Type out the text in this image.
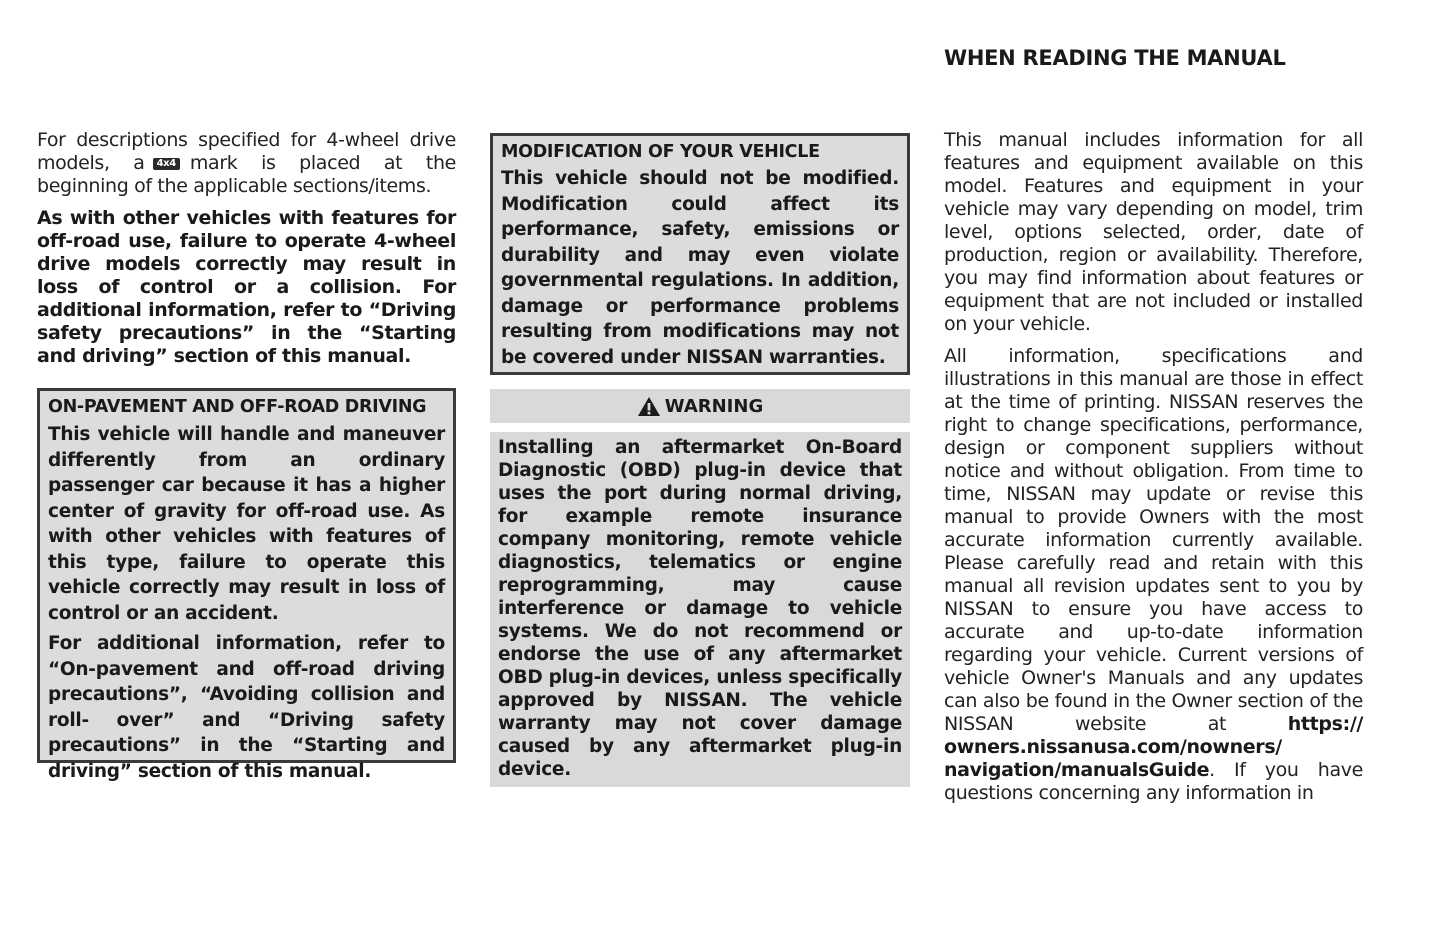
WHEN READING THE MANUAL

For descriptions specified for 4-wheel drive models, a 4x4 mark is placed at the beginning of the applicable sections/items.

As with other vehicles with features for off-road use, failure to operate 4-wheel drive models correctly may result in loss of control or a collision. For additional information, refer to “Driving safety precautions” in the “Starting and driving” section of this manual.

ON-PAVEMENT AND OFF-ROAD DRIVING

This vehicle will handle and maneuver differently from an ordinary passenger car because it has a higher center of gravity for off-road use. As with other vehicles with features of this type, failure to operate this vehicle correctly may result in loss of control or an accident.

For additional information, refer to “On-pavement and off-road driving precautions”, “Avoiding collision and roll- over” and “Driving safety precautions” in the “Starting and driving” section of this manual.

MODIFICATION OF YOUR VEHICLE

This vehicle should not be modified. Modification could affect its performance, safety, emissions or durability and may even violate governmental regulations. In addition, damage or performance problems resulting from modifications may not be covered under NISSAN warranties.

WARNING

Installing an aftermarket On-Board Diagnostic (OBD) plug-in device that uses the port during normal driving, for example remote insurance company monitoring, remote vehicle diagnostics, telematics or engine reprogramming, may cause interference or damage to vehicle systems. We do not recommend or endorse the use of any aftermarket OBD plug-in devices, unless specifically approved by NISSAN. The vehicle warranty may not cover damage caused by any aftermarket plug-in device.

This manual includes information for all features and equipment available on this model. Features and equipment in your vehicle may vary depending on model, trim level, options selected, order, date of production, region or availability. Therefore, you may find information about features or equipment that are not included or installed on your vehicle.

All information, specifications and illustrations in this manual are those in effect at the time of printing. NISSAN reserves the right to change specifications, performance, design or component suppliers without notice and without obligation. From time to time, NISSAN may update or revise this manual to provide Owners with the most accurate information currently available. Please carefully read and retain with this manual all revision updates sent to you by NISSAN to ensure you have access to accurate and up-to-date information regarding your vehicle. Current versions of vehicle Owner's Manuals and any updates can also be found in the Owner section of the NISSAN website at	https:// owners.nissanusa.com/nowners/ navigation/manualsGuide. If you have questions concerning any information in
